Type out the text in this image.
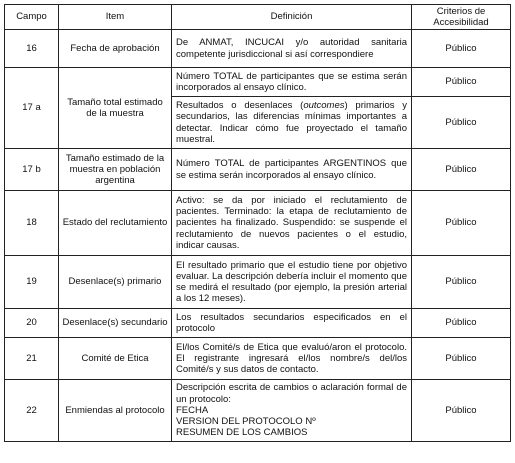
Campo	Item	Definición	Criterios de Accesibilidad
16	Fecha de aprobación	De ANMAT, INCUCAI y/o autoridad sanitaria competente jurisdiccional si así correspondiere	Público
17 a	Tamaño total estimado de la muestra	Número TOTAL de participantes que se estima serán incorporados al ensayo clínico.	Público
		Resultados o desenlaces (outcomes) primarios y secundarios, las diferencias mínimas importantes a detectar. Indicar cómo fue proyectado el tamaño muestral.	Público
17 b	Tamaño estimado de la muestra en población argentina	Número TOTAL de participantes ARGENTINOS que se estima serán incorporados al ensayo clínico.	Público
18	Estado del reclutamiento	Activo: se da por iniciado el reclutamiento de pacientes. Terminado: la etapa de reclutamiento de pacientes ha finalizado. Suspendido: se suspende el reclutamiento de nuevos pacientes o el estudio, indicar causas.	Público
19	Desenlace(s) primario	El resultado primario que el estudio tiene por objetivo evaluar. La descripción debería incluir el momento que se medirá el resultado (por ejemplo, la presión arterial a los 12 meses).	Público
20	Desenlace(s) secundario	Los resultados secundarios especificados en el protocolo	Público
21	Comité de Etica	El/los Comité/s de Etica que evaluó/aron el protocolo. El registrante ingresará el/los nombre/s del/los Comité/s y sus datos de contacto.	Público
22	Enmiendas al protocolo	Descripción escrita de cambios o aclaración formal de un protocolo:
FECHA
VERSION DEL PROTOCOLO Nº
RESUMEN DE LOS CAMBIOS	Público
